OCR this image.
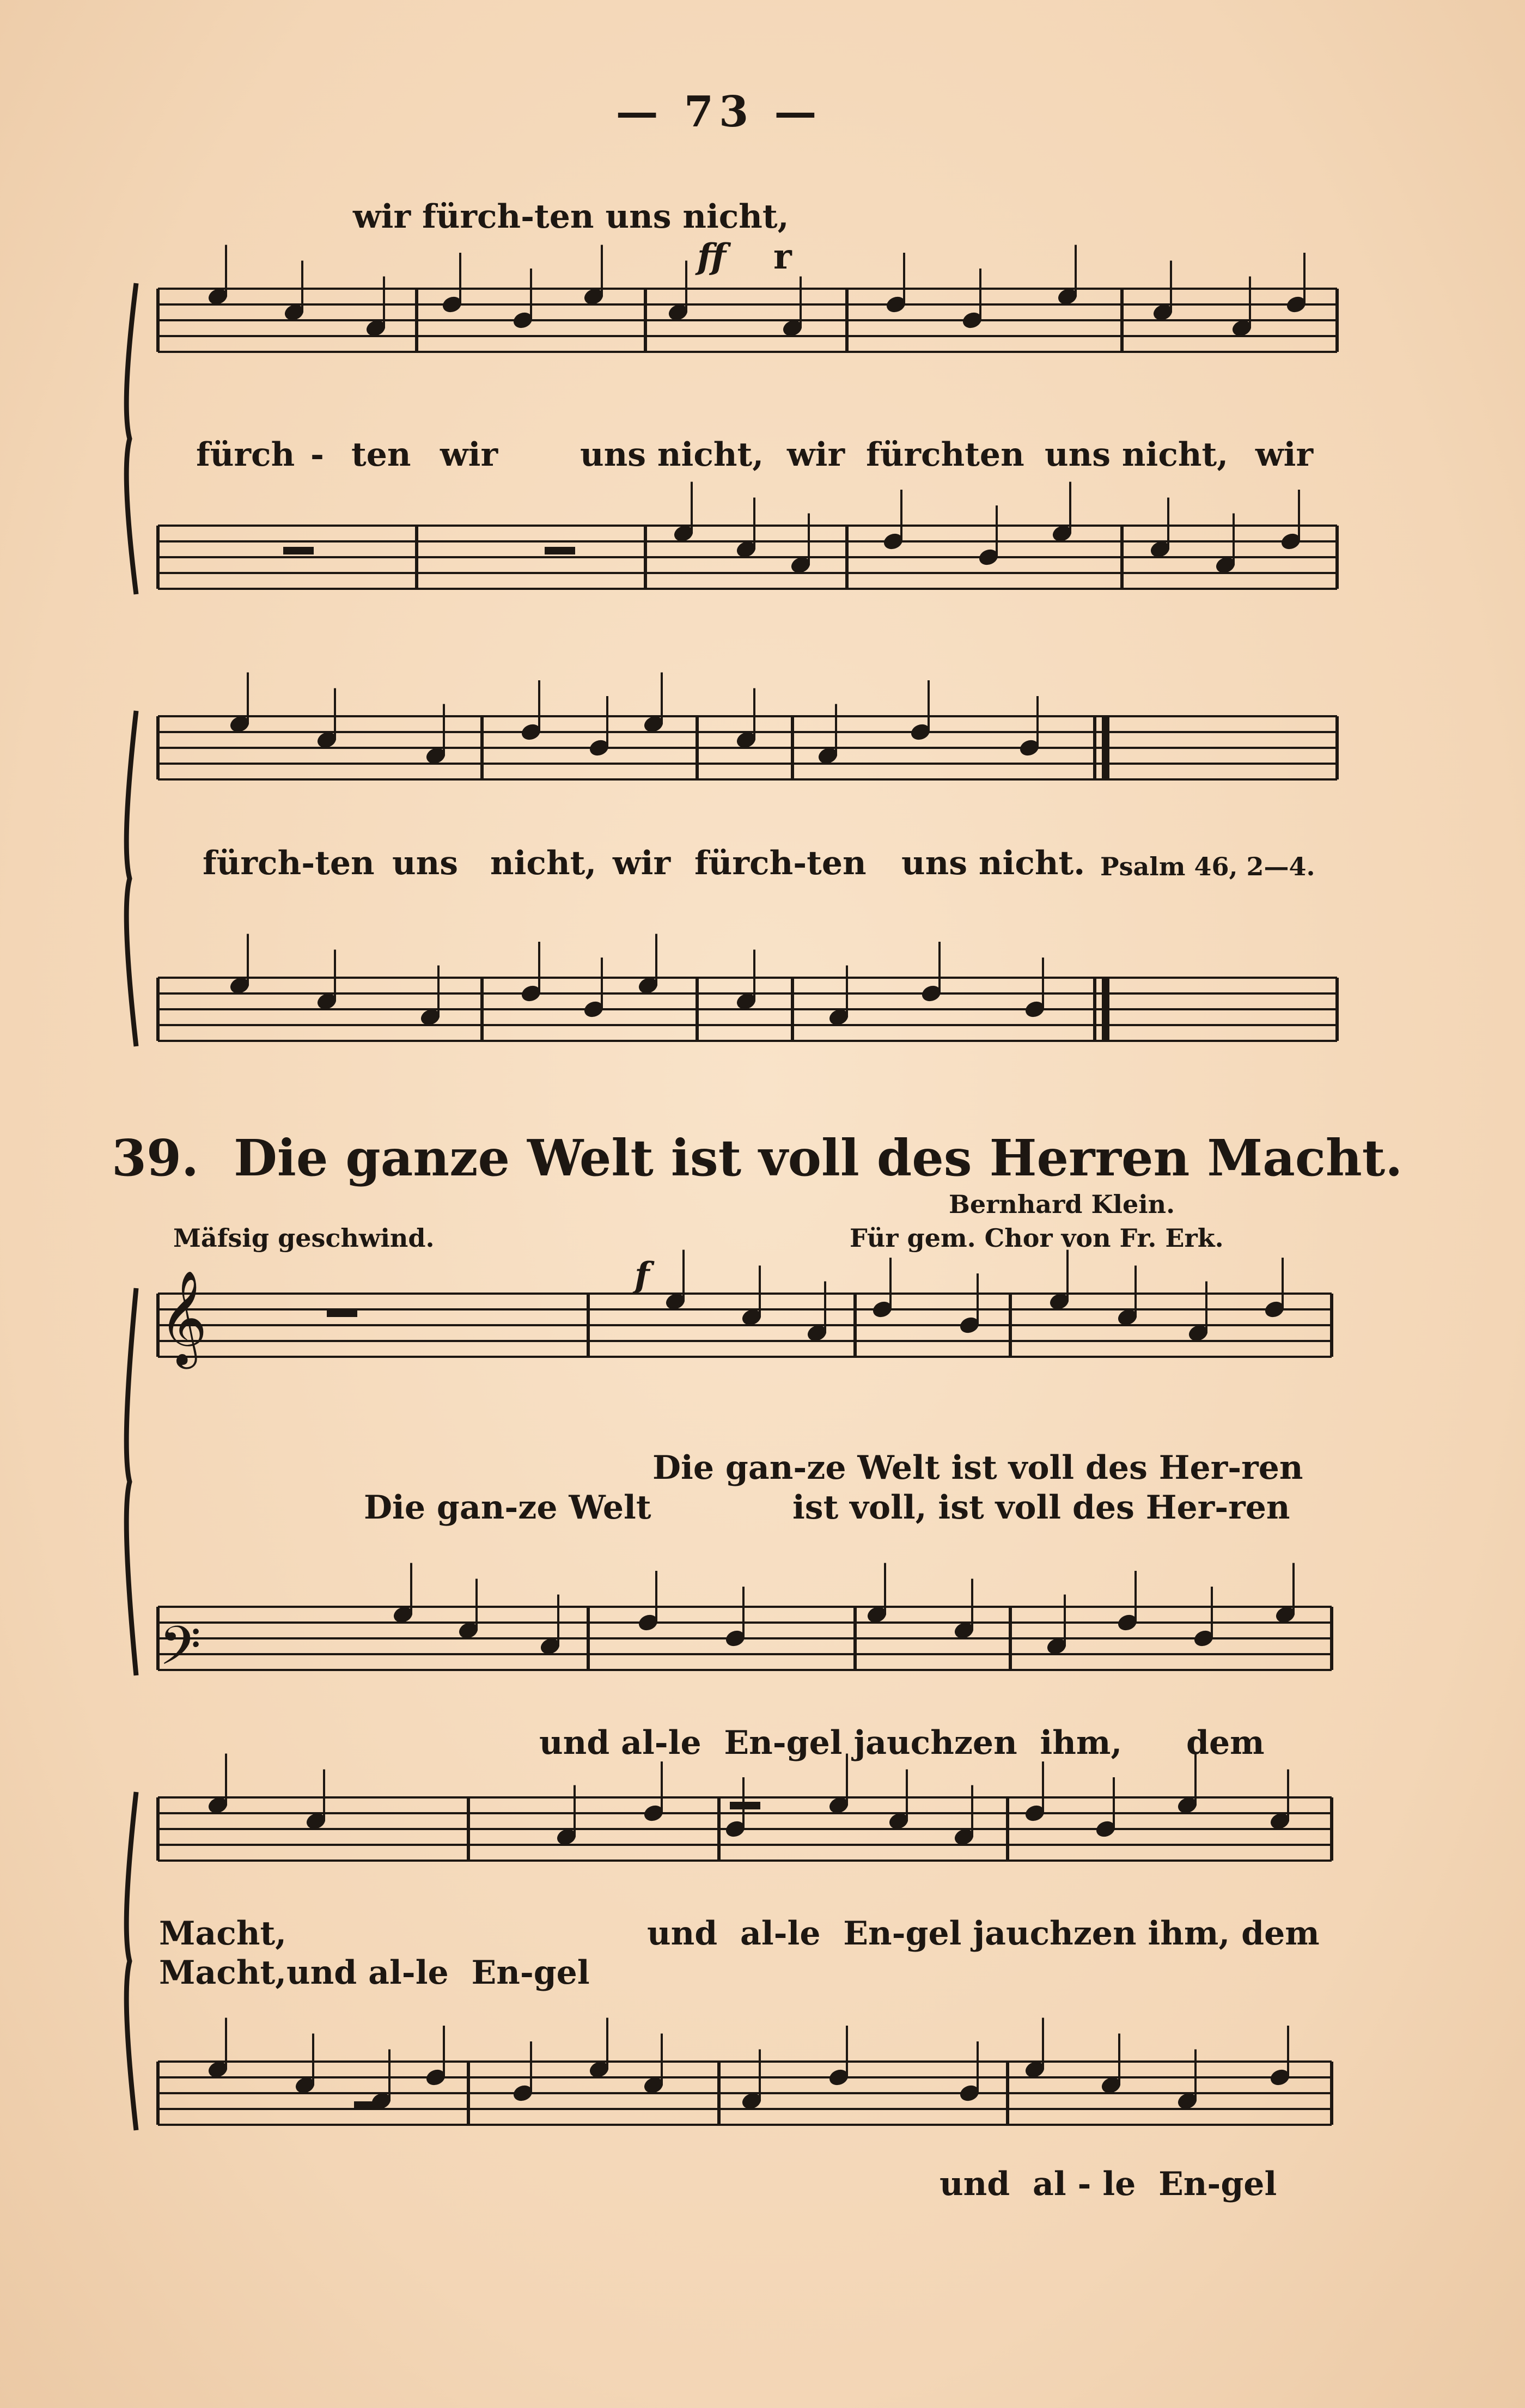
— 73 —
𝄞
𝄢
wir fürch-ten uns nicht,
ff r
fürch - ten wir	uns nicht, wir fürchten uns nicht, wir
fürch-ten uns nicht, wir fürch-ten uns nicht. Psalm 46, 2—4.
39. Die ganze Welt ist voll des Herren Macht.
Bernhard Klein.
Für gem. Chor von Fr. Erk.
Mäfsig geschwind.
f
Die gan-ze Welt ist voll des Her-ren
Die gan-ze Welt	ist voll, ist voll des Her-ren
und al-le  En-gel jauchzen  ihm, dem
Macht,	und  al-le  En-gel jauchzen ihm, dem
Macht,und al-le  En-gel
und  al - le  En-gel
